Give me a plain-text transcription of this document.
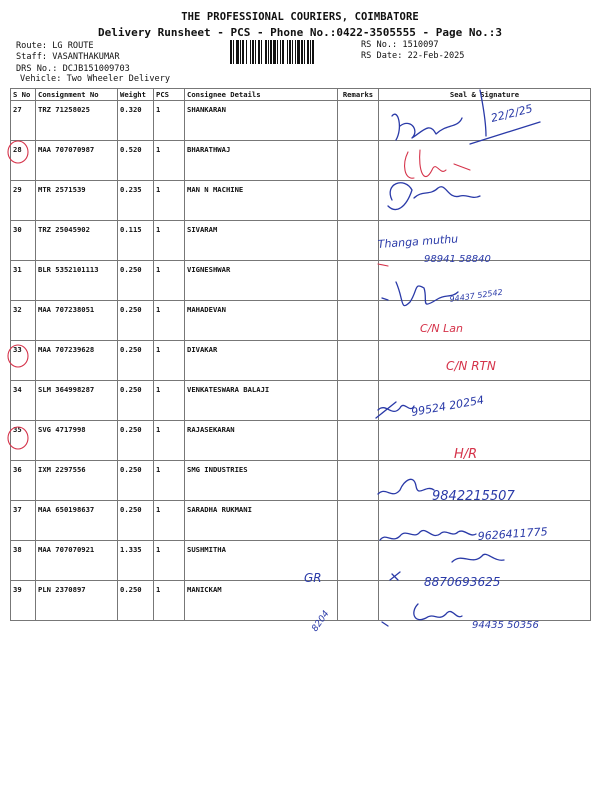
THE PROFESSIONAL COURIERS, COIMBATORE
Delivery Runsheet - PCS - Phone No.:0422-3505555 - Page No.:3
Route: LG ROUTE
Staff: VASANTHAKUMAR
DRS No.: DCJB151009703
Vehicle: Two Wheeler Delivery
RS No.: 1510097
RS Date: 22-Feb-2025
S No	Consignment No	Weight	PCS	Consignee Details	Remarks	Seal & Signature
27	TRZ 71258025	0.320	1	SHANKARAN		
28	MAA 707070987	0.520	1	BHARATHWAJ		
29	MTR 2571539	0.235	1	MAN N MACHINE		
30	TRZ 25045902	0.115	1	SIVARAM		
31	BLR 5352101113	0.250	1	VIGNESHWAR		
32	MAA 707238051	0.250	1	MAHADEVAN		
33	MAA 707239628	0.250	1	DIVAKAR		
34	SLM 364998287	0.250	1	VENKATESWARA BALAJI		
35	SVG 4717998	0.250	1	RAJASEKARAN		
36	IXM 2297556	0.250	1	SMG INDUSTRIES		
37	MAA 650198637	0.250	1	SARADHA RUKMANI		
38	MAA 707070921	1.335	1	SUSHMITHA		
39	PLN 2370897	0.250	1	MANICKAM		
22/2/25
Thanga muthu
98941 58840
94437 52542
C/N Lan
C/N RTN
99524 20254
H/R
9842215507
9626411775
8870693625
GR
8204	94435 50356
